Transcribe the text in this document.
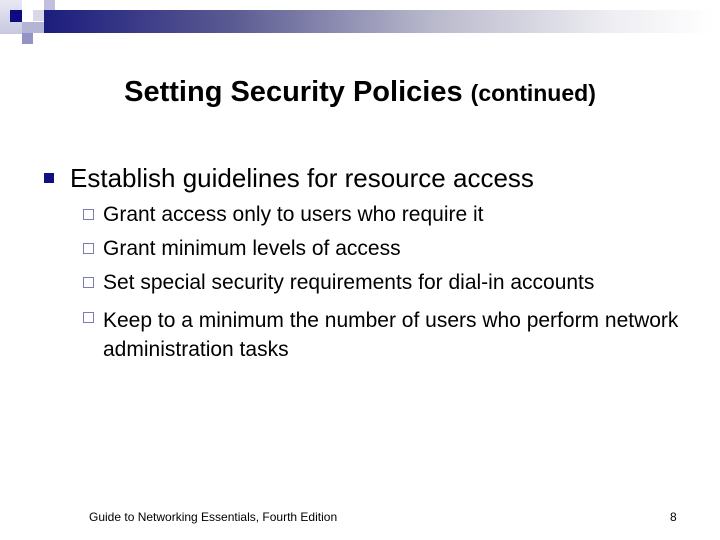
Setting Security Policies (continued)
Establish guidelines for resource access
Grant access only to users who require it
Grant minimum levels of access
Set special security requirements for dial-in accounts
Keep to a minimum the number of users who perform network administration tasks
Guide to Networking Essentials, Fourth Edition	8
